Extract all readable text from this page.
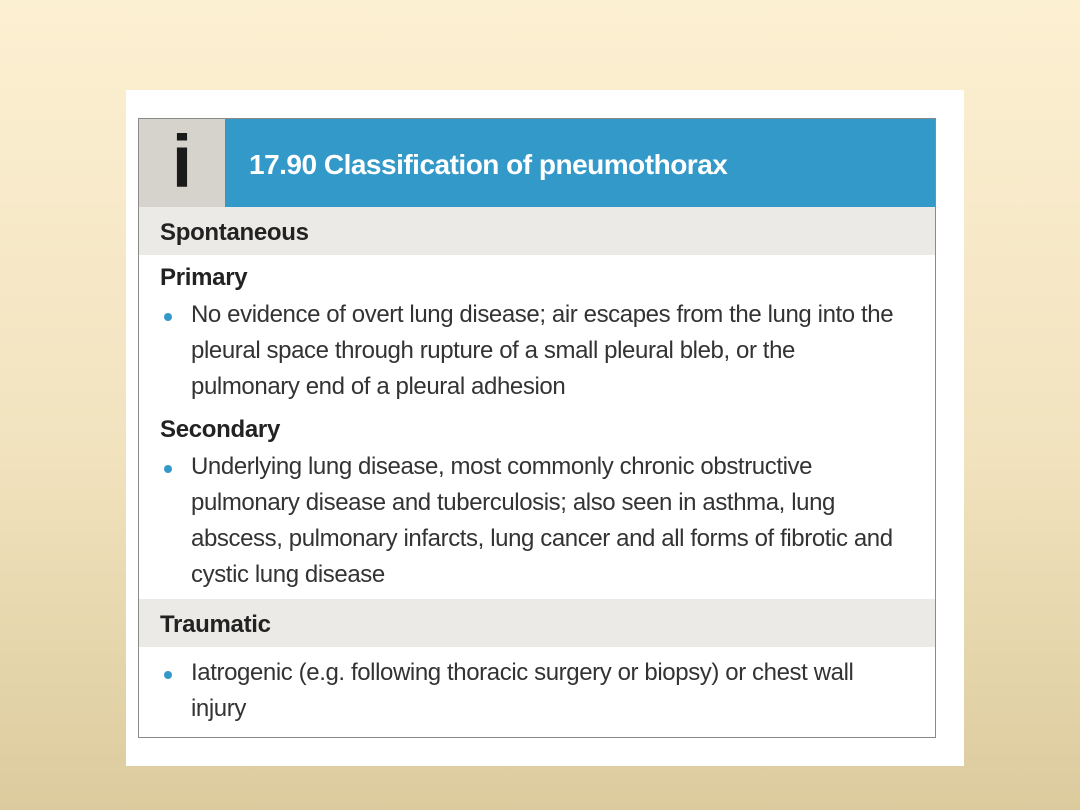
i	17.90 Classification of pneumothorax
Spontaneous
Primary
No evidence of overt lung disease; air escapes from the lung into the pleural space through rupture of a small pleural bleb, or the pulmonary end of a pleural adhesion
Secondary
Underlying lung disease, most commonly chronic obstructive pulmonary disease and tuberculosis; also seen in asthma, lung abscess, pulmonary infarcts, lung cancer and all forms of fibrotic and cystic lung disease
Traumatic
Iatrogenic (e.g. following thoracic surgery or biopsy) or chest wall injury
